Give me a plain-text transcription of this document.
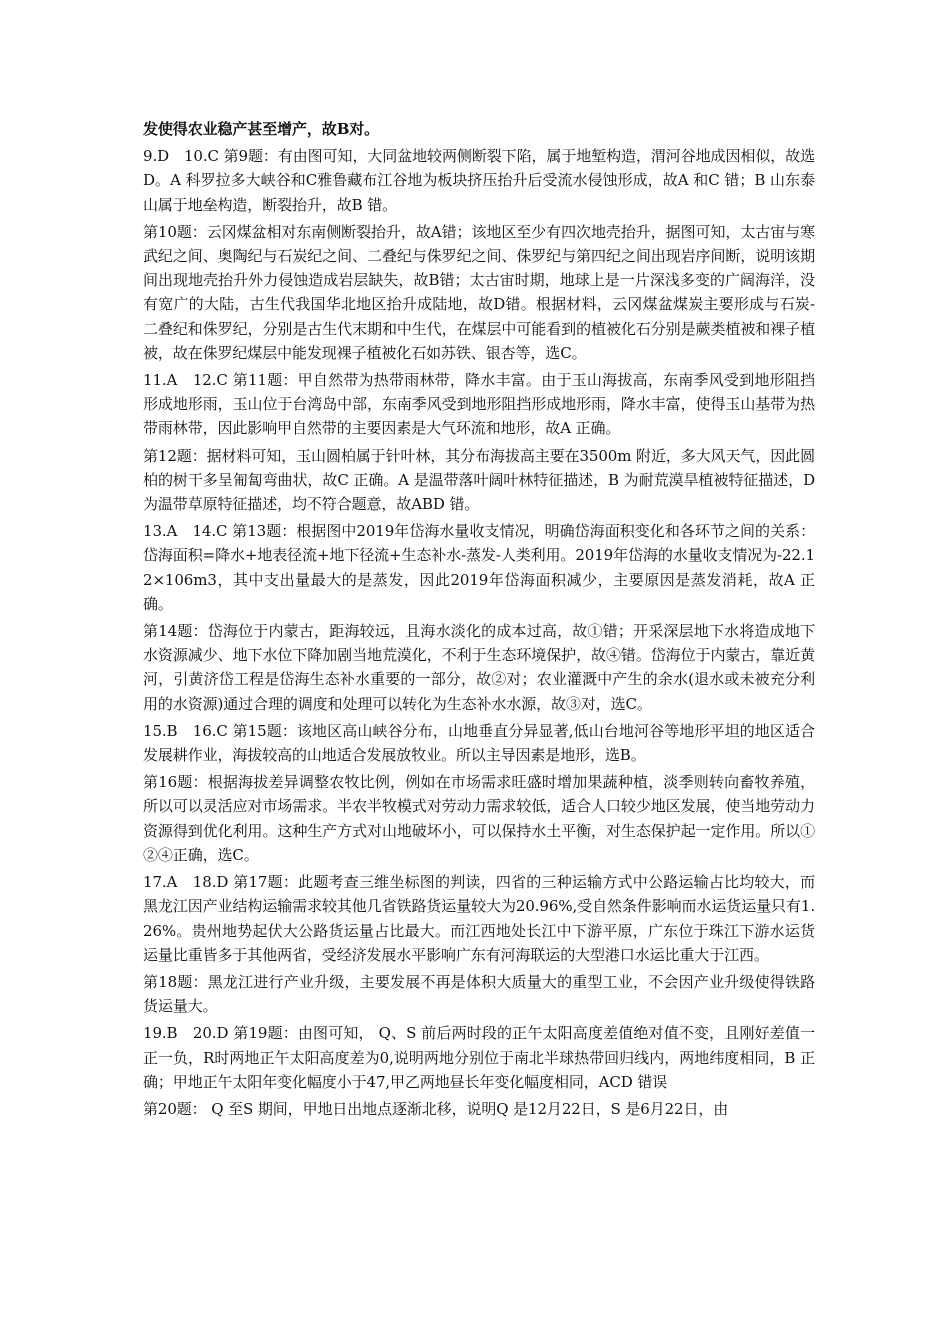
发使得农业稳产甚至增产，故B对。

9.D　10.C 第9题：有由图可知，大同盆地较两侧断裂下陷，属于地堑构造，渭河谷地成因相似，故选D。A 科罗拉多大峡谷和C雅鲁藏布江谷地为板块挤压抬升后受流水侵蚀形成，故A 和C 错；B 山东泰山属于地垒构造，断裂抬升，故B 错。

第10题：云冈煤盆相对东南侧断裂抬升，故A错；该地区至少有四次地壳抬升，据图可知，太古宙与寒武纪之间、奥陶纪与石炭纪之间、二叠纪与侏罗纪之间、侏罗纪与第四纪之间出现岩序间断，说明该期间出现地壳抬升外力侵蚀造成岩层缺失，故B错；太古宙时期，地球上是一片深浅多变的广阔海洋，没有宽广的大陆，古生代我国华北地区抬升成陆地，故D错。根据材料，云冈煤盆煤炭主要形成与石炭-二叠纪和侏罗纪，分别是古生代末期和中生代，在煤层中可能看到的植被化石分别是蕨类植被和裸子植被，故在侏罗纪煤层中能发现裸子植被化石如苏铁、银杏等，选C。

11.A　12.C 第11题：甲自然带为热带雨林带，降水丰富。由于玉山海拔高，东南季风受到地形阻挡形成地形雨，玉山位于台湾岛中部，东南季风受到地形阻挡形成地形雨，降水丰富，使得玉山基带为热带雨林带，因此影响甲自然带的主要因素是大气环流和地形，故A 正确。

第12题：据材料可知，玉山圆柏属于针叶林，其分布海拔高主要在3500m 附近，多大风天气，因此圆柏的树干多呈匍匐弯曲状，故C 正确。A 是温带落叶阔叶林特征描述，B 为耐荒漠旱植被特征描述，D 为温带草原特征描述，均不符合题意，故ABD 错。

13.A　14.C 第13题：根据图中2019年岱海水量收支情况，明确岱海面积变化和各环节之间的关系：岱海面积=降水+地表径流+地下径流+生态补水-蒸发-人类利用。2019年岱海的水量收支情况为-22.12×106m3，其中支出量最大的是蒸发，因此2019年岱海面积减少，主要原因是蒸发消耗，故A 正确。

第14题：岱海位于内蒙古，距海较远，且海水淡化的成本过高，故①错；开采深层地下水将造成地下水资源减少、地下水位下降加剧当地荒漠化，不利于生态环境保护，故④错。岱海位于内蒙古，靠近黄河，引黄济岱工程是岱海生态补水重要的一部分，故②对；农业灌溉中产生的余水(退水或未被充分利用的水资源)通过合理的调度和处理可以转化为生态补水水源，故③对，选C。

15.B　16.C 第15题：该地区高山峡谷分布，山地垂直分异显著,低山台地河谷等地形平坦的地区适合发展耕作业，海拔较高的山地适合发展放牧业。所以主导因素是地形，选B。

第16题：根据海拔差异调整农牧比例，例如在市场需求旺盛时增加果蔬种植，淡季则转向畜牧养殖，所以可以灵活应对市场需求。半农半牧模式对劳动力需求较低，适合人口较少地区发展，使当地劳动力资源得到优化利用。这种生产方式对山地破坏小，可以保持水土平衡，对生态保护起一定作用。所以①②④正确，选C。

17.A　18.D 第17题：此题考查三维坐标图的判读，四省的三种运输方式中公路运输占比均较大，而黑龙江因产业结构运输需求较其他几省铁路货运量较大为20.96%,受自然条件影响而水运货运量只有1.26%。贵州地势起伏大公路货运量占比最大。而江西地处长江中下游平原，广东位于珠江下游水运货运量比重皆多于其他两省，受经济发展水平影响广东有河海联运的大型港口水运比重大于江西。

第18题：黑龙江进行产业升级，主要发展不再是体积大质量大的重型工业，不会因产业升级使得铁路货运量大。

19.B　20.D 第19题：由图可知， Q、S 前后两时段的正午太阳高度差值绝对值不变，且刚好差值一正一负，R时两地正午太阳高度差为0,说明两地分别位于南北半球热带回归线内，两地纬度相同，B 正确；甲地正午太阳年变化幅度小于47,甲乙两地昼长年变化幅度相同，ACD 错误

第20题： Q 至S 期间，甲地日出地点逐渐北移，说明Q 是12月22日，S 是6月22日，由
